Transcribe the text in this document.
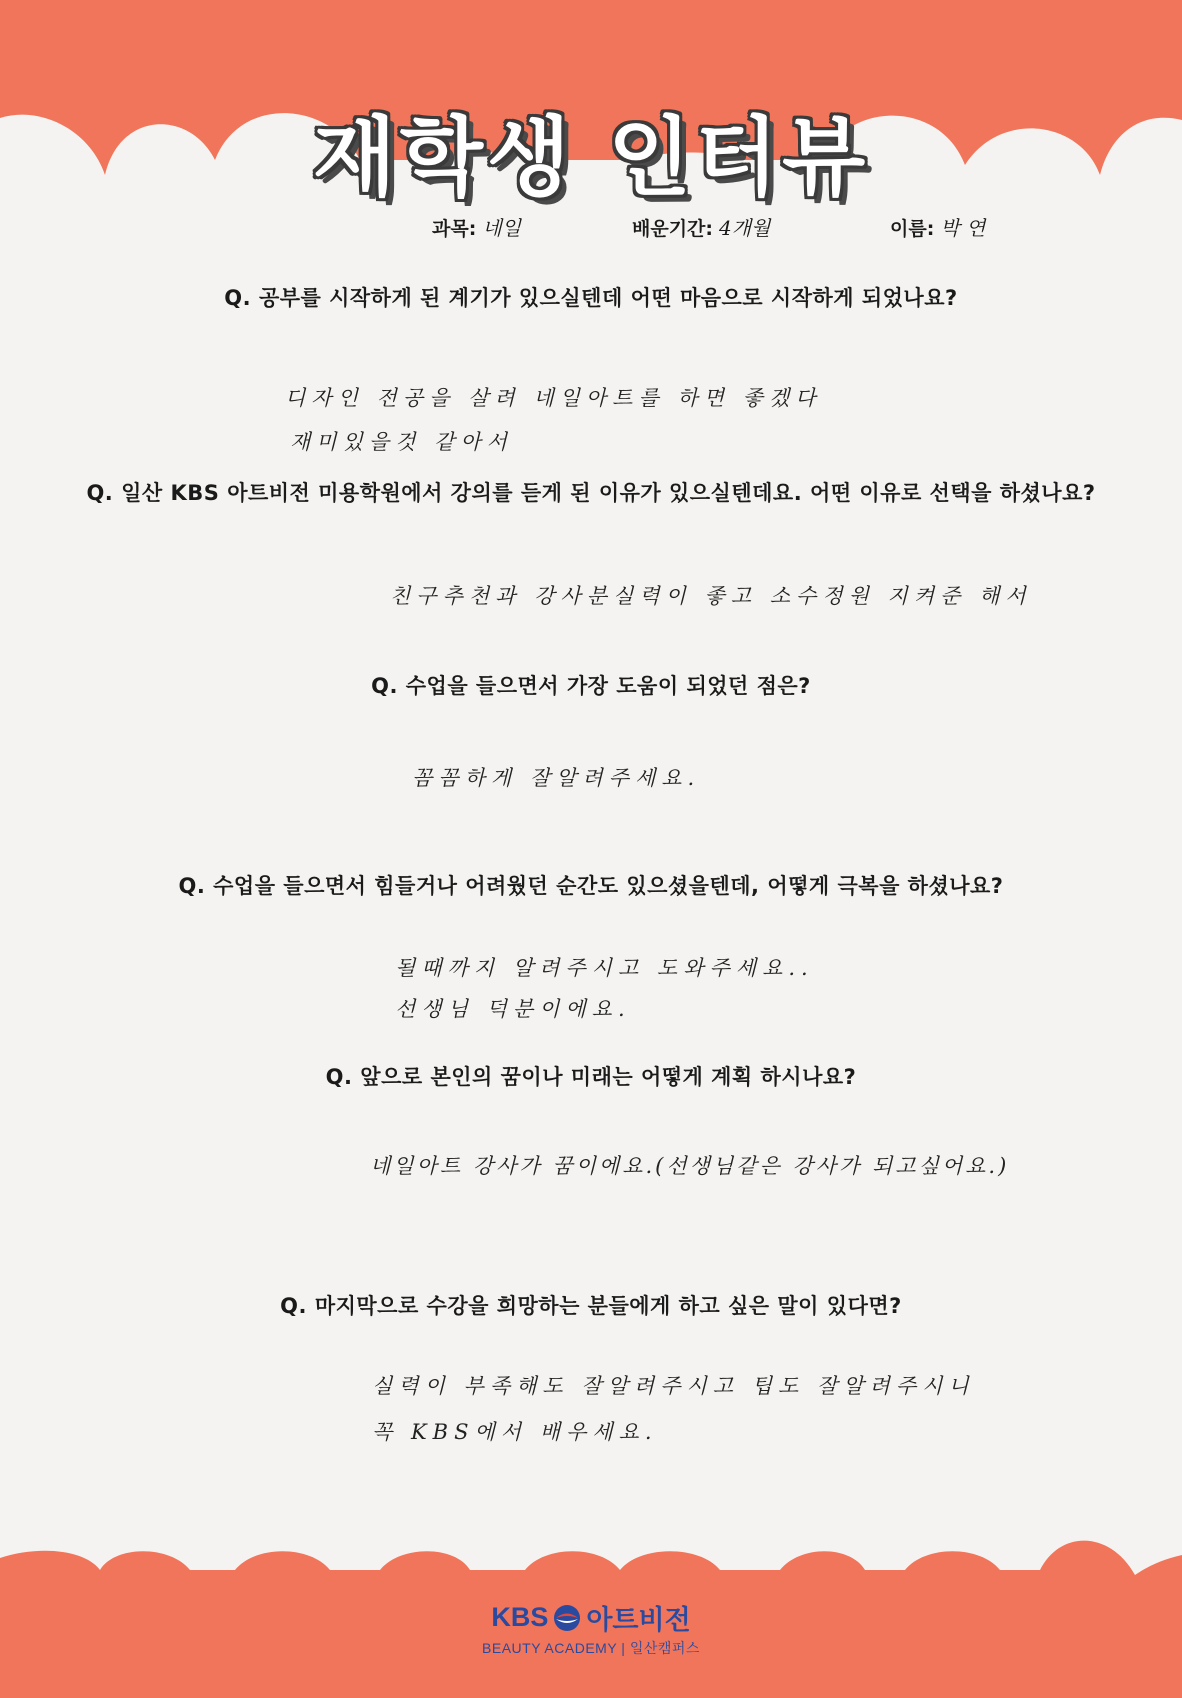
재학생 인터뷰
과목: 네일	배운기간: 4개월	이름: 박 연
Q. 공부를 시작하게 된 계기가 있으실텐데 어떤 마음으로 시작하게 되었나요?
디자인 전공을 살려 네일아트를 하면 좋겠다
재미있을것 같아서
Q. 일산 KBS 아트비전 미용학원에서 강의를 듣게 된 이유가 있으실텐데요. 어떤 이유로 선택을 하셨나요?
친구추천과 강사분실력이 좋고 소수정원 지켜준 해서
Q. 수업을 들으면서 가장 도움이 되었던 점은?
꼼꼼하게 잘알려주세요.
Q. 수업을 들으면서 힘들거나 어려웠던 순간도 있으셨을텐데, 어떻게 극복을 하셨나요?
될때까지 알려주시고 도와주세요..
선생님 덕분이에요.
Q. 앞으로 본인의 꿈이나 미래는 어떻게 계획 하시나요?
네일아트 강사가 꿈이에요.(선생님같은 강사가 되고싶어요.)
Q. 마지막으로 수강을 희망하는 분들에게 하고 싶은 말이 있다면?
실력이 부족해도 잘알려주시고 팁도 잘알려주시니
꼭 KBS에서 배우세요.
KBS 아트비전
BEAUTY ACADEMY | 일산캠퍼스
